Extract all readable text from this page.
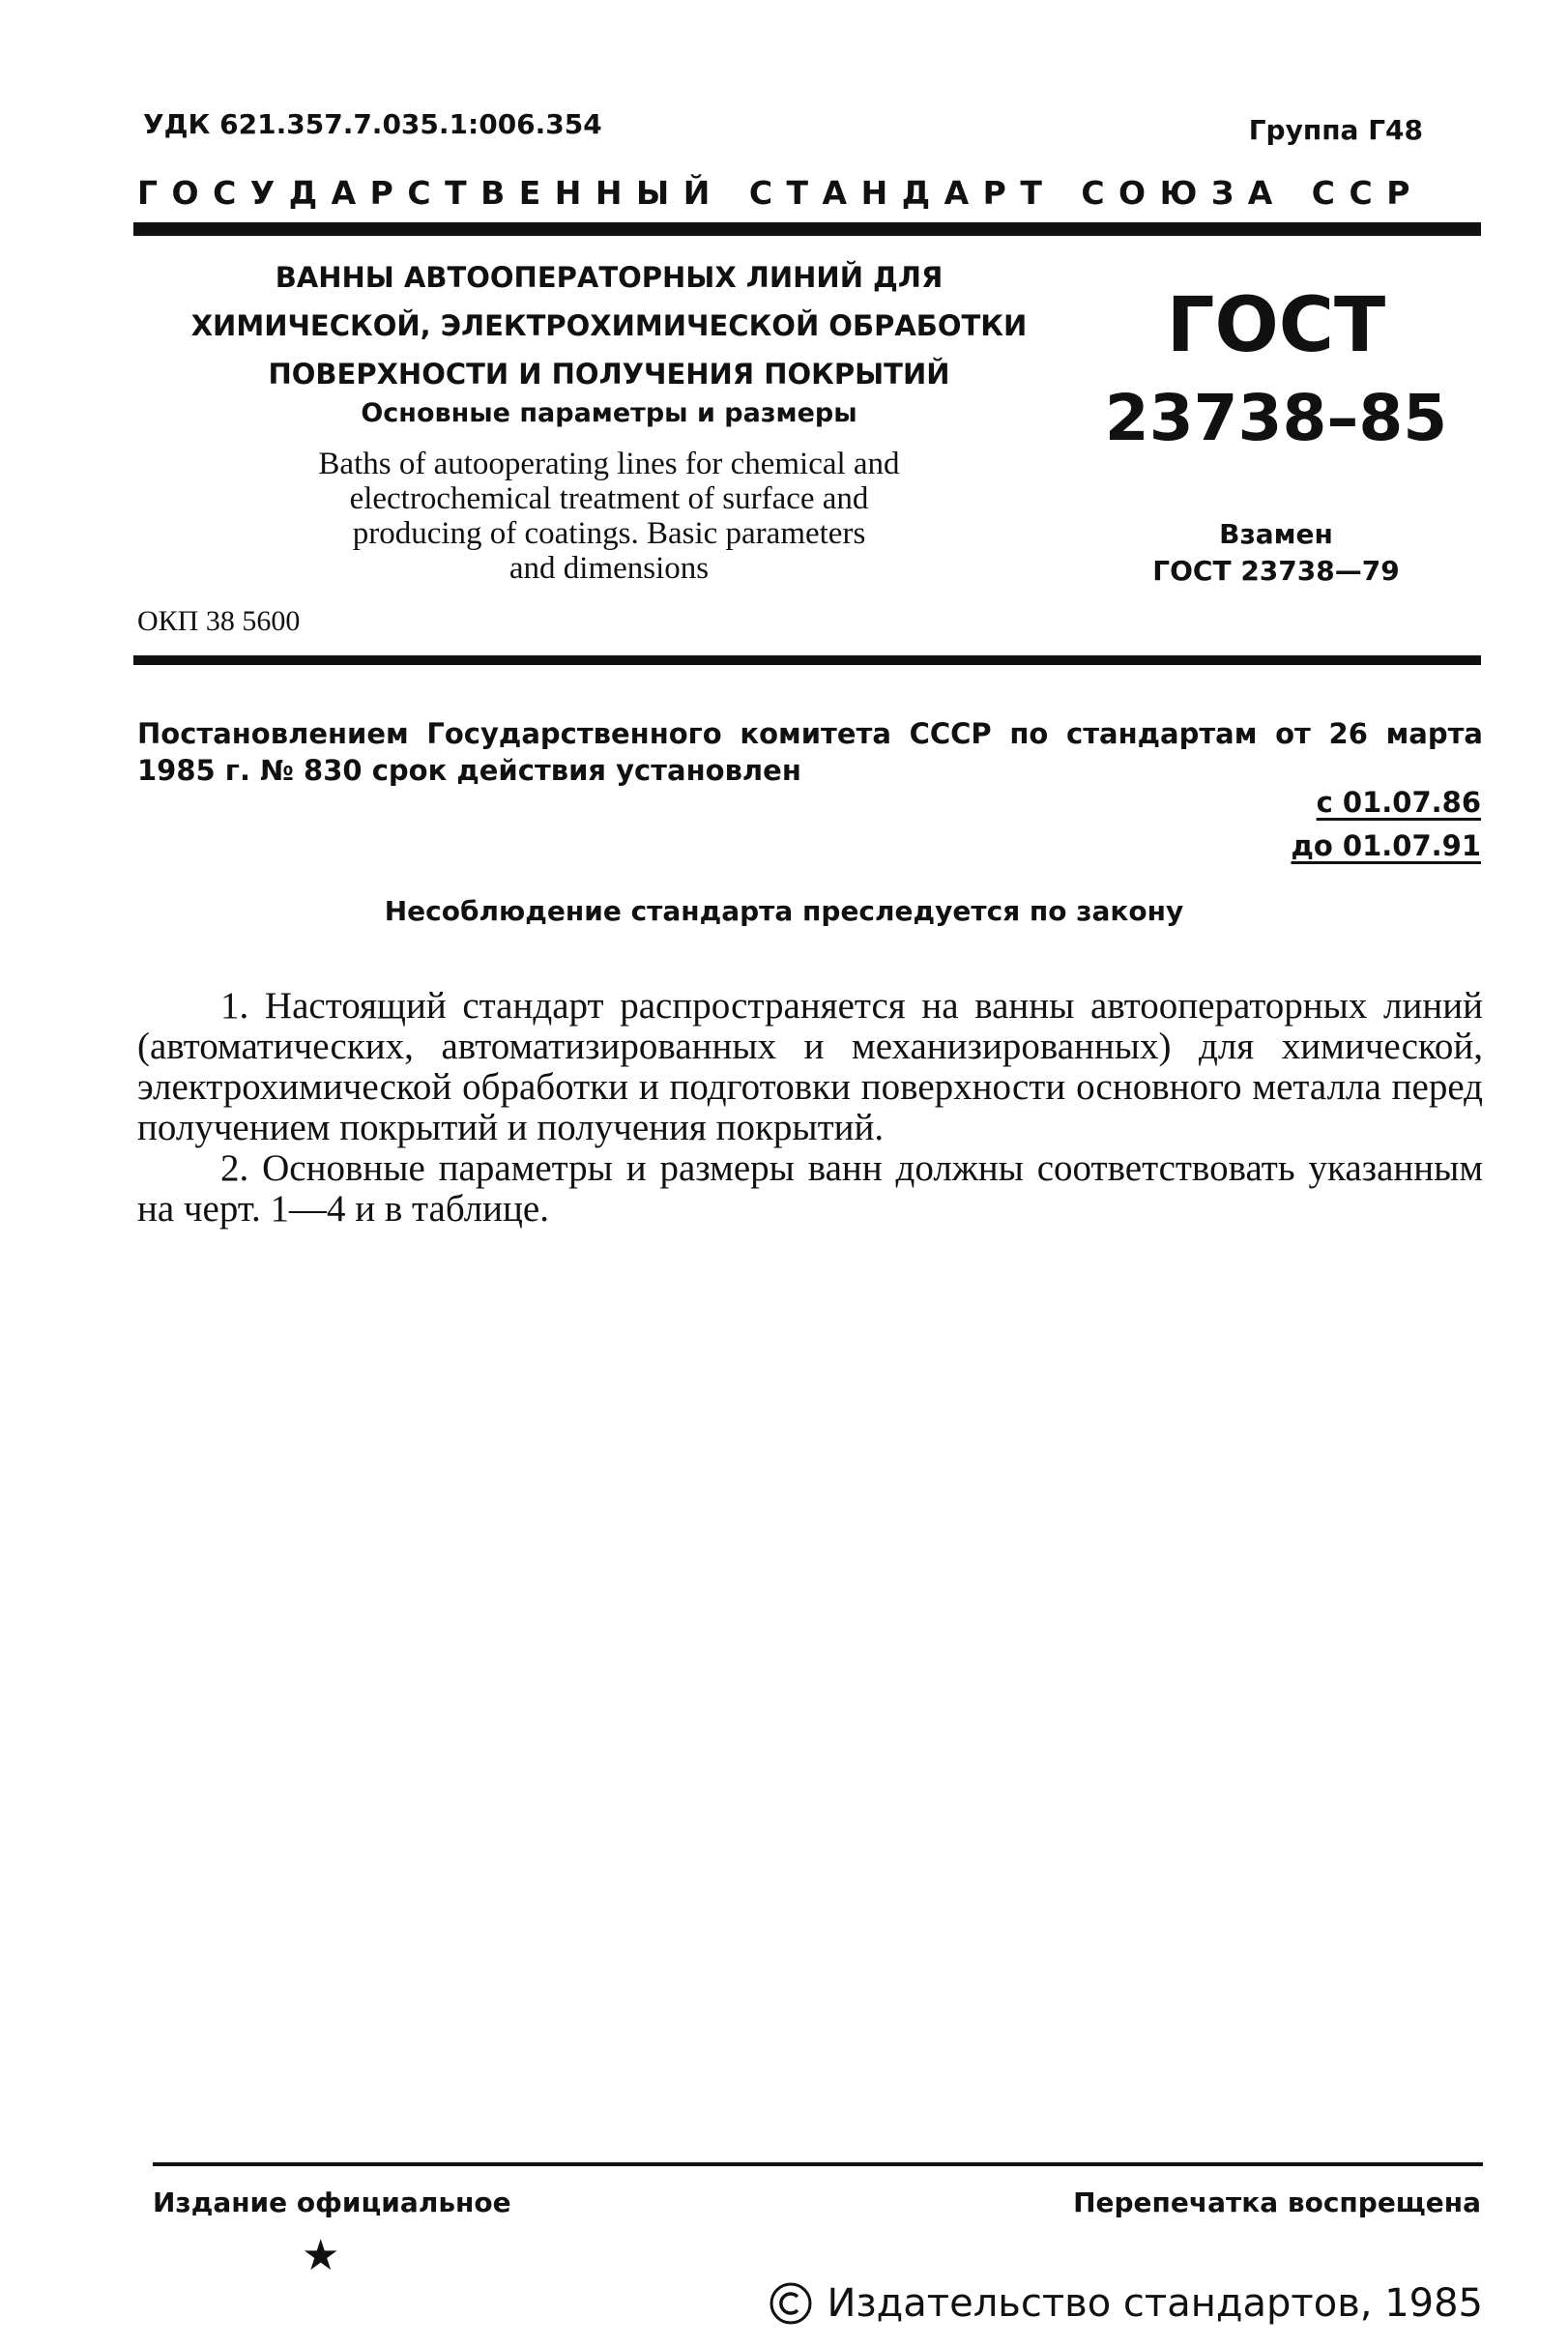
УДК 621.357.7.035.1:006.354	Группа Г48
ГОСУДАРСТВЕННЫЙ СТАНДАРТ СОЮЗА ССР
ВАННЫ АВТООПЕРАТОРНЫХ ЛИНИЙ ДЛЯ
ХИМИЧЕСКОЙ, ЭЛЕКТРОХИМИЧЕСКОЙ ОБРАБОТКИ
ПОВЕРХНОСТИ И ПОЛУЧЕНИЯ ПОКРЫТИЙ
Основные параметры и размеры
Baths of autooperating lines for chemical and
electrochemical treatment of surface and
producing of coatings. Basic parameters
and dimensions
ОКП 38 5600
ГОСТ
23738–85
Взамен
ГОСТ 23738—79
Постановлением Государственного комитета СССР по стандартам от 26 марта 1985 г. № 830 срок действия установлен
с 01.07.86
до 01.07.91
Несоблюдение стандарта преследуется по закону

1. Настоящий стандарт распространяется на ванны автооператорных линий (автоматических, автоматизированных и механизированных) для химической, электрохимической обработки и подготовки поверхности основного металла перед получением покрытий и получения покрытий.

2. Основные параметры и размеры ванн должны соответствовать указанным на черт. 1—4 и в таблице.

Издание официальное
★
Перепечатка воспрещена
Издательство стандартов, 1985
